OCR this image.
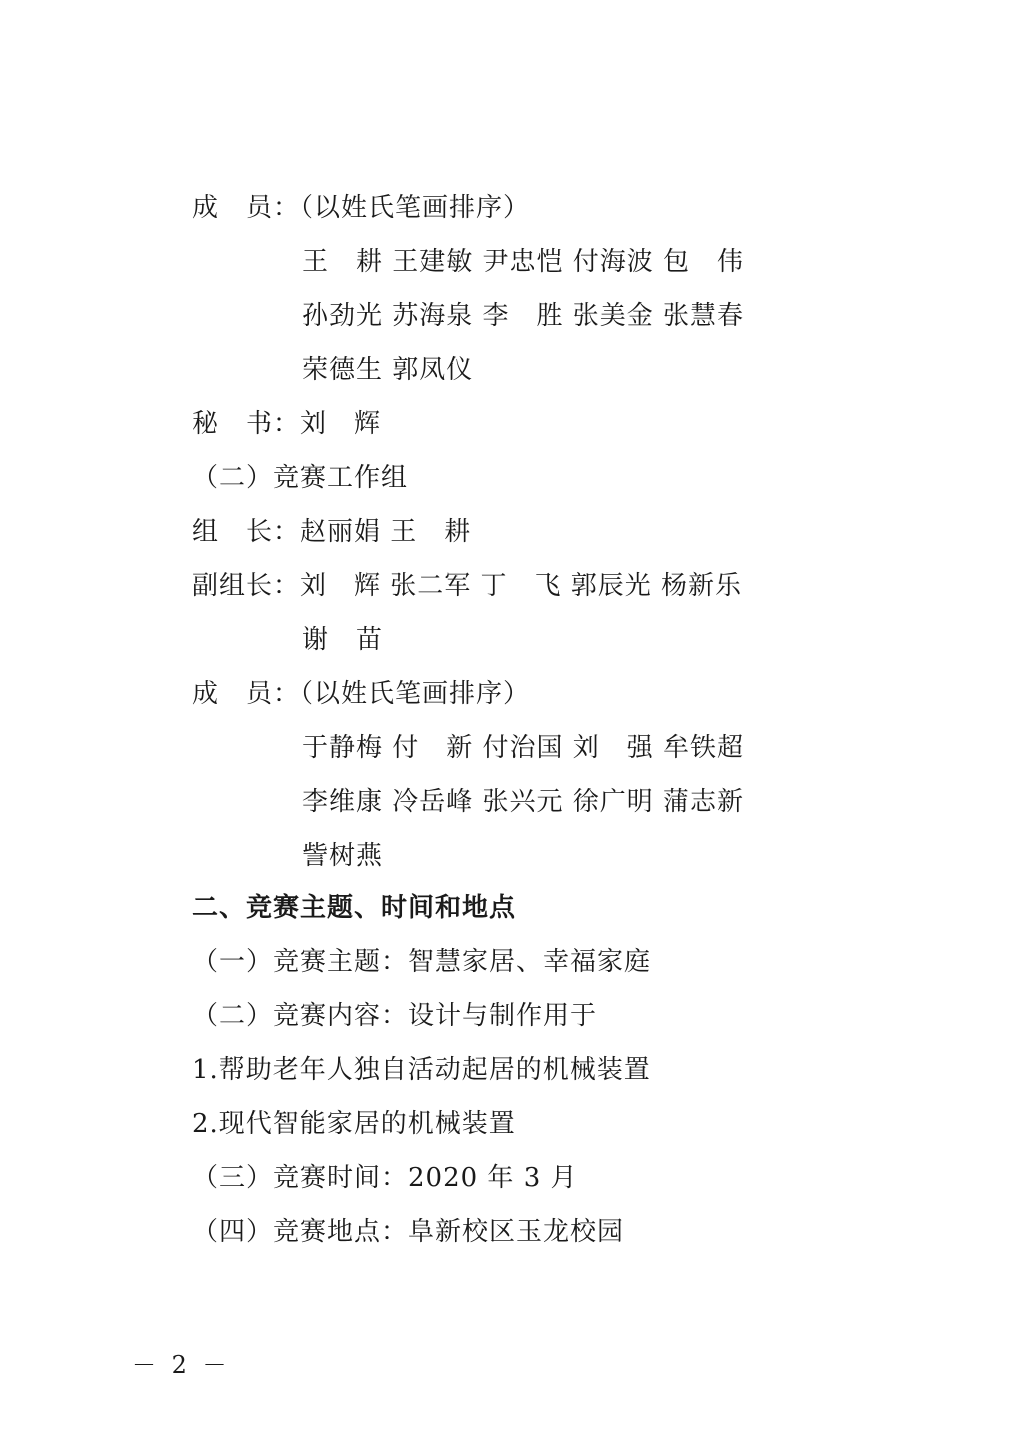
成　员：（以姓氏笔画排序）
王　耕 王建敏 尹忠恺 付海波 包　伟
孙劲光 苏海泉 李　胜 张美金 张慧春
荣德生 郭凤仪
秘　书：刘　辉
（二）竞赛工作组
组　长：赵丽娟 王　耕
副组长：刘　辉 张二军 丁　飞 郭辰光 杨新乐
谢　苗
成　员：（以姓氏笔画排序）
于静梅 付　新 付治国 刘　强 牟铁超
李维康 冷岳峰 张兴元 徐广明 蒲志新
訾树燕
二、竞赛主题、时间和地点
（一）竞赛主题：智慧家居、幸福家庭
（二）竞赛内容：设计与制作用于
1.帮助老年人独自活动起居的机械装置
2.现代智能家居的机械装置
（三）竞赛时间：2020 年 3 月
（四）竞赛地点：阜新校区玉龙校园
－ 2 －
